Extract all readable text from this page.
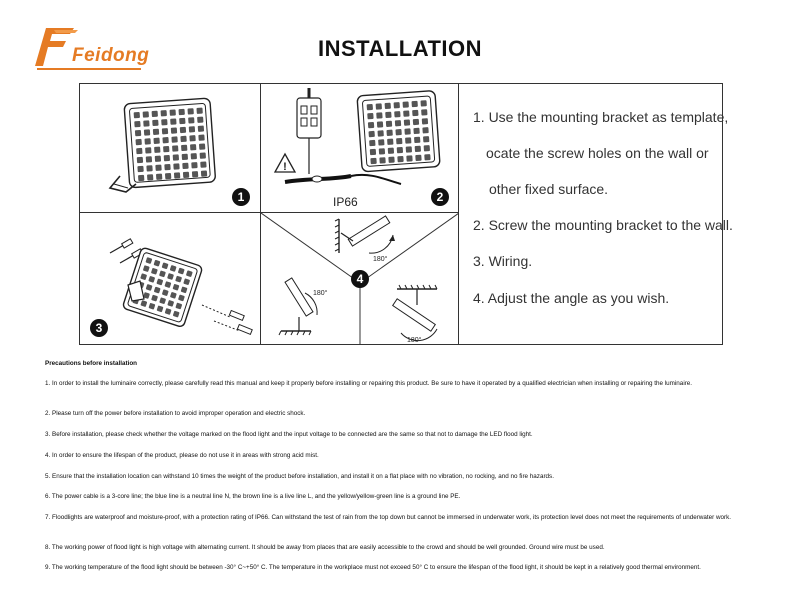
Feidong	INSTALLATION
1
!
IP66	2
3
180°
180°
180°
4
1. Use the mounting bracket as template,
ocate the screw holes on the wall or
other fixed surface.
2. Screw the mounting bracket to the wall.
3. Wiring.
4. Adjust the angle as you wish.
Precautions before installation
1. In order to install the luminaire correctly, please carefully read this manual and keep it properly before installing or repairing this product. Be sure to have it operated by a qualified electrician when installing or repairing the luminaire.
2. Please turn off the power before installation to avoid improper operation and electric shock.
3. Before installation, please check whether the voltage marked on the flood light and the input voltage to be connected are the same so that not to damage the LED flood light.
4. In order to ensure the lifespan of the product, please do not use it in areas with strong acid mist.
5. Ensure that the installation location can withstand 10 times the weight of the product before installation, and install it on a flat place with no vibration, no rocking, and no fire hazards.
6. The power cable is a 3-core line; the blue line is a neutral line N, the brown line is a live line L, and the yellow/yellow-green line is a ground line PE.
7. Floodlights are waterproof and moisture-proof, with a protection rating of IP66. Can withstand the test of rain from the top down but cannot be immersed in underwater work, its protection level does not meet the requirements of underwater work.
8. The working power of flood light is high voltage with alternating current. It should be away from places that are easily accessible to the crowd and should be well grounded. Ground wire must be used.
9. The working temperature of the flood light should be between -30° C~+50° C. The temperature in the workplace must not exceed 50° C to ensure the lifespan of the flood light, it should be kept in a relatively good thermal environment.
